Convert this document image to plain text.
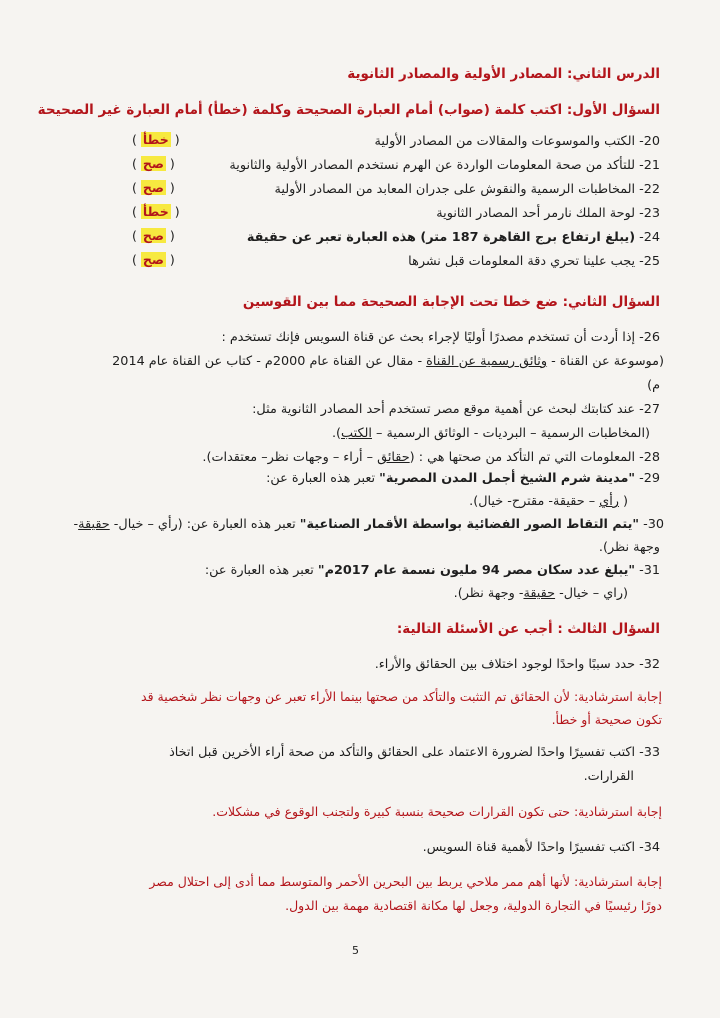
الدرس الثاني: المصادر الأولية والمصادر الثانوية
السؤال الأول: اكتب كلمة (صواب) أمام العبارة الصحيحة وكلمة (خطأ) أمام العبارة غير الصحيحة
20-الكتب والموسوعات والمقالات من المصادر الأولية
( خطأ )
21-للتأكد من صحة المعلومات الواردة عن الهرم نستخدم المصادر الأولية والثانوية
( صح )
22-المخاطبات الرسمية والنقوش على جدران المعابد من المصادر الأولية
( صح )
23-لوحة الملك نارمر أحد المصادر الثانوية
( خطأ )
24-(يبلغ ارتفاع برج القاهرة 187 متر) هذه العبارة تعبر عن حقيقة
( صح )
25-يجب علينا تحري دقة المعلومات قبل نشرها
( صح )
السؤال الثاني: ضع خطا تحت الإجابة الصحيحة مما بين القوسين
26-إذا أردت أن تستخدم مصدرًا أوليًا لإجراء بحث عن قناة السويس فإنك تستخدم :
(موسوعة عن القناة - وثائق رسمية عن القناة - مقال عن القناة عام 2000م - كتاب عن القناة عام 2014
م)
27-عند كتابتك لبحث عن أهمية موقع مصر تستخدم أحد المصادر الثانوية مثل:
(المخاطبات الرسمية – البرديات - الوثائق الرسمية – الكتب).
28-المعلومات التي تم التأكد من صحتها هي : (حقائق – أراء – وجهات نظر– معتقدات).
29-"مدينة شرم الشيخ أجمل المدن المصرية" تعبر هذه العبارة عن:
( رأي – حقيقة- مقترح- خيال).
30-"يتم التقاط الصور الفضائية بواسطة الأقمار الصناعية" تعبر هذه العبارة عن: (رأي – خيال- حقيقة-
وجهة نظر).
31-"يبلغ عدد سكان مصر 94 مليون نسمة عام 2017م" تعبر هذه العبارة عن:
(راي – خيال- حقيقة- وجهة نظر).
السؤال الثالث : أجب عن الأسئلة التالية:
32-حدد سببًا واحدًا لوجود اختلاف بين الحقائق والأراء.
إجابة استرشادية: لأن الحقائق تم التثبت والتأكد من صحتها بينما الأراء تعبر عن وجهات نظر شخصية قد
تكون صحيحة أو خطأ.
33-اكتب تفسيرًا واحدًا لضرورة الاعتماد على الحقائق والتأكد من صحة أراء الأخرين قبل اتخاذ
القرارات.
إجابة استرشادية: حتى تكون القرارات صحيحة بنسبة كبيرة ولتجنب الوقوع في مشكلات.
34-اكتب تفسيرًا واحدًا لأهمية قناة السويس.
إجابة استرشادية: لأنها أهم ممر ملاحي يربط بين البحرين الأحمر والمتوسط مما أدى إلى احتلال مصر
دورًا رئيسيًا في التجارة الدولية، وجعل لها مكانة اقتصادية مهمة بين الدول.
5
